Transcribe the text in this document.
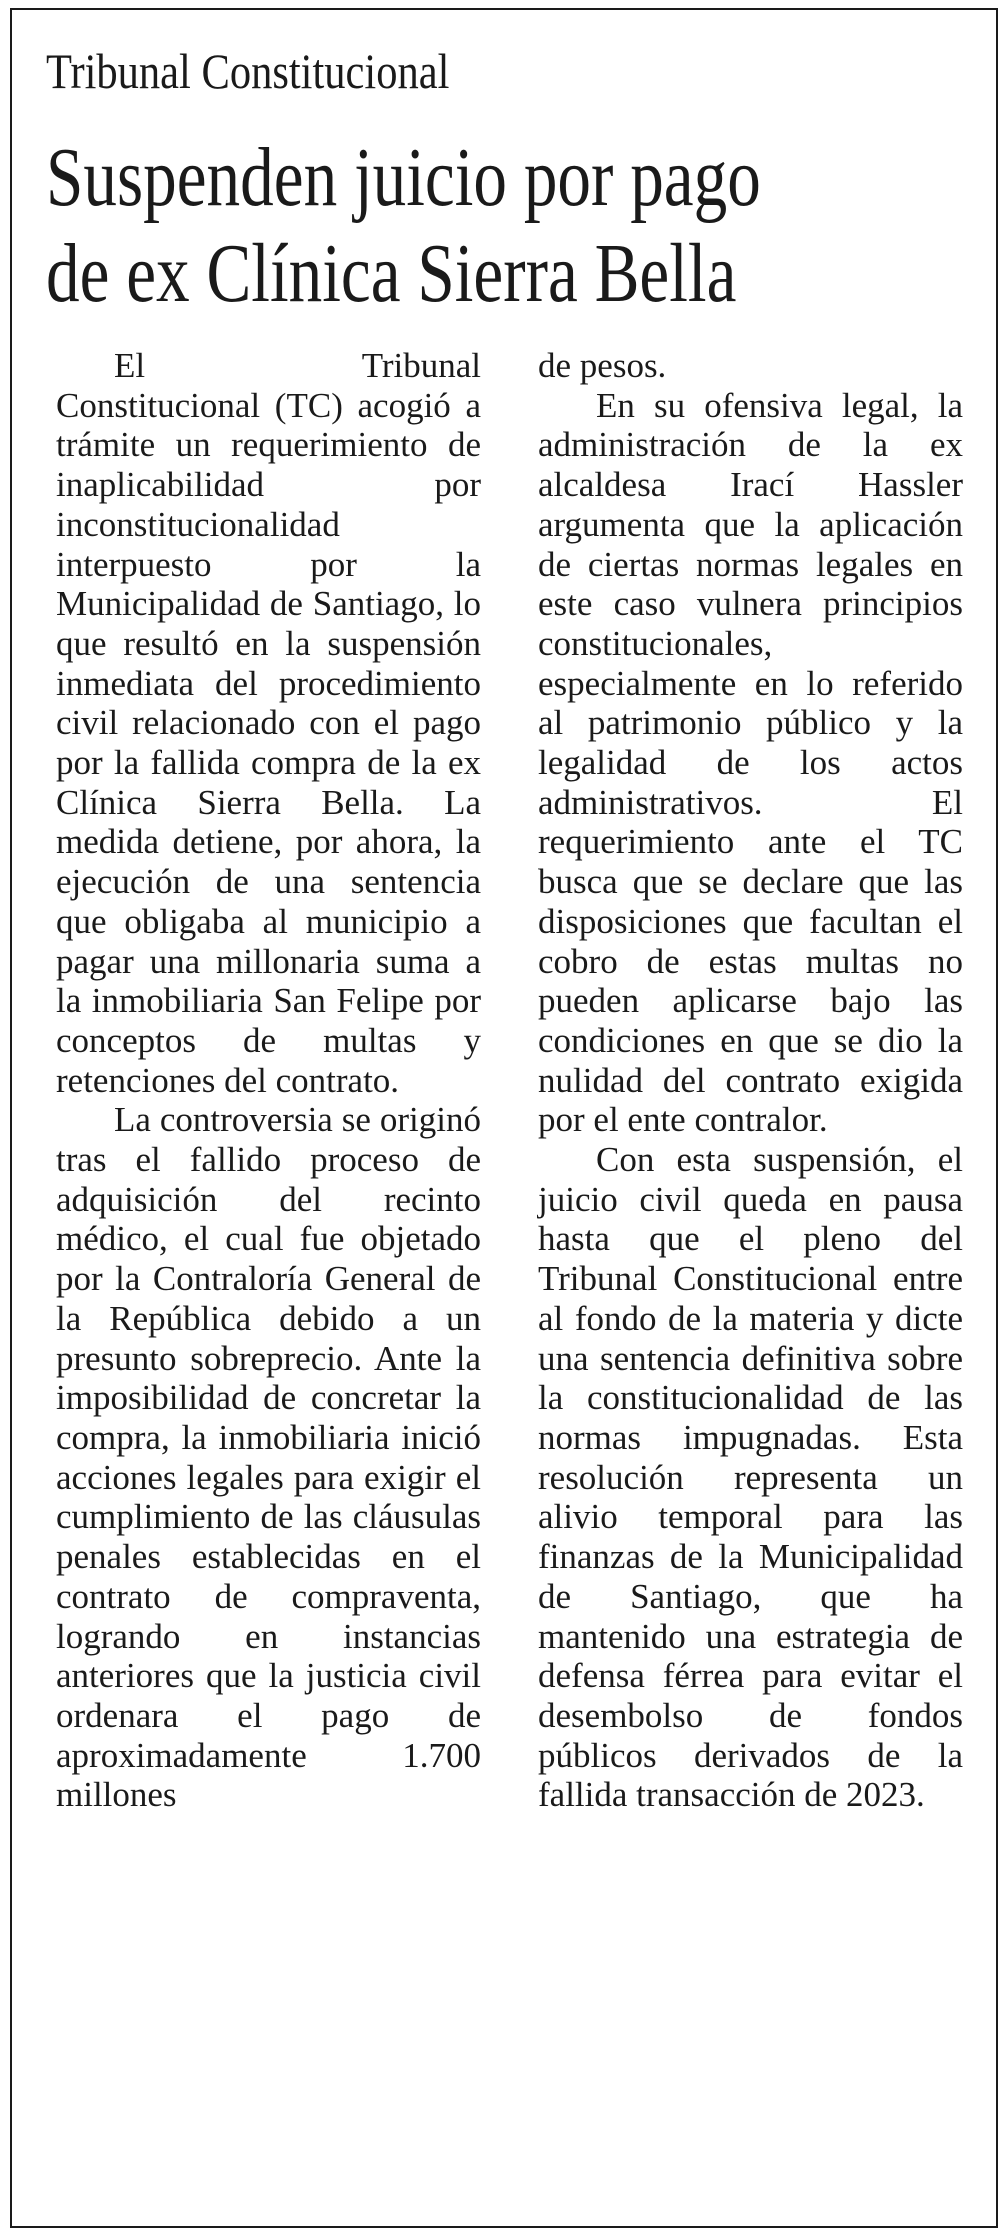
Tribunal Constitucional
Suspenden juicio por pago
de ex Clínica Sierra Bella

El Tribunal Constitucional (TC) acogió a trámite un requerimiento de inaplicabilidad por inconstitucionalidad interpuesto por la Municipalidad de Santiago, lo que resultó en la suspensión inmediata del procedimiento civil relacionado con el pago por la fallida compra de la ex Clínica Sierra Bella. La medida detiene, por ahora, la ejecución de una sentencia que obligaba al municipio a pagar una millonaria suma a la inmobiliaria San Felipe por conceptos de multas y retenciones del contrato.

La controversia se originó tras el fallido proceso de adquisición del recinto médico, el cual fue objetado por la Contraloría General de la República debido a un presunto sobreprecio. Ante la imposibilidad de concretar la compra, la inmobiliaria inició acciones legales para exigir el cumplimiento de las cláusulas penales establecidas en el contrato de compraventa, logrando en instancias anteriores que la justicia civil ordenara el pago de aproximadamente 1.700 millones

de pesos.

En su ofensiva legal, la administración de la ex alcaldesa Irací Hassler argumenta que la aplicación de ciertas normas legales en este caso vulnera principios constitucionales, especialmente en lo referido al patrimonio público y la legalidad de los actos administrativos. El requerimiento ante el TC busca que se declare que las disposiciones que facultan el cobro de estas multas no pueden aplicarse bajo las condiciones en que se dio la nulidad del contrato exigida por el ente contralor.

Con esta suspensión, el juicio civil queda en pausa hasta que el pleno del Tribunal Constitucional entre al fondo de la materia y dicte una sentencia definitiva sobre la constitucionalidad de las normas impugnadas. Esta resolución representa un alivio temporal para las finanzas de la Municipalidad de Santiago, que ha mantenido una estrategia de defensa férrea para evitar el desembolso de fondos públicos derivados de la fallida transacción de 2023.
